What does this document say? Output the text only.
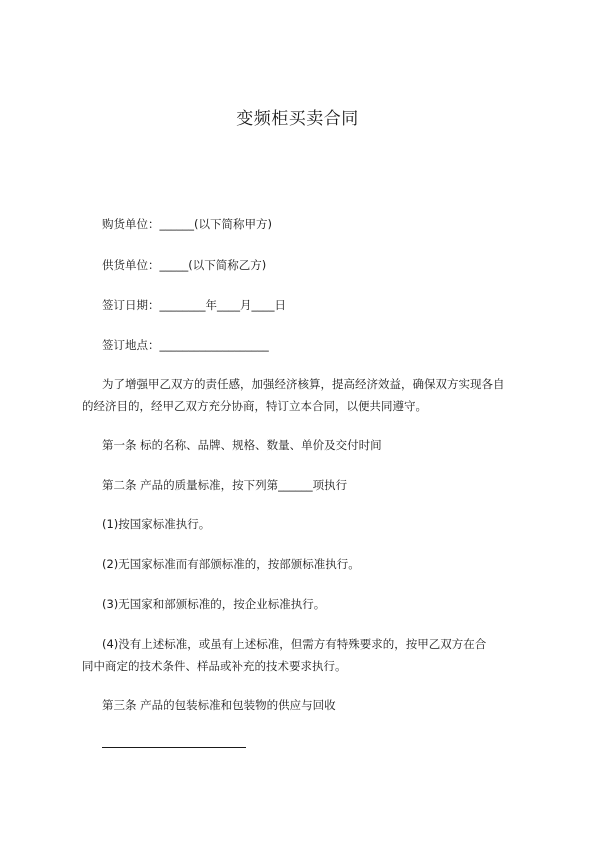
变频柜买卖合同
购货单位：______(以下简称甲方)
供货单位：_____(以下简称乙方)
签订日期：________年____月____日
签订地点：___________________
为了增强甲乙双方的责任感，加强经济核算，提高经济效益，确保双方实现各自
的经济目的，经甲乙双方充分协商，特订立本合同，以便共同遵守。
第一条 标的名称、品牌、规格、数量、单价及交付时间
第二条 产品的质量标准，按下列第______项执行
(1)按国家标准执行。
(2)无国家标准而有部颁标准的，按部颁标准执行。
(3)无国家和部颁标准的，按企业标准执行。
(4)没有上述标准，或虽有上述标准，但需方有特殊要求的，按甲乙双方在合
同中商定的技术条件、样品或补充的技术要求执行。
第三条 产品的包装标准和包装物的供应与回收
